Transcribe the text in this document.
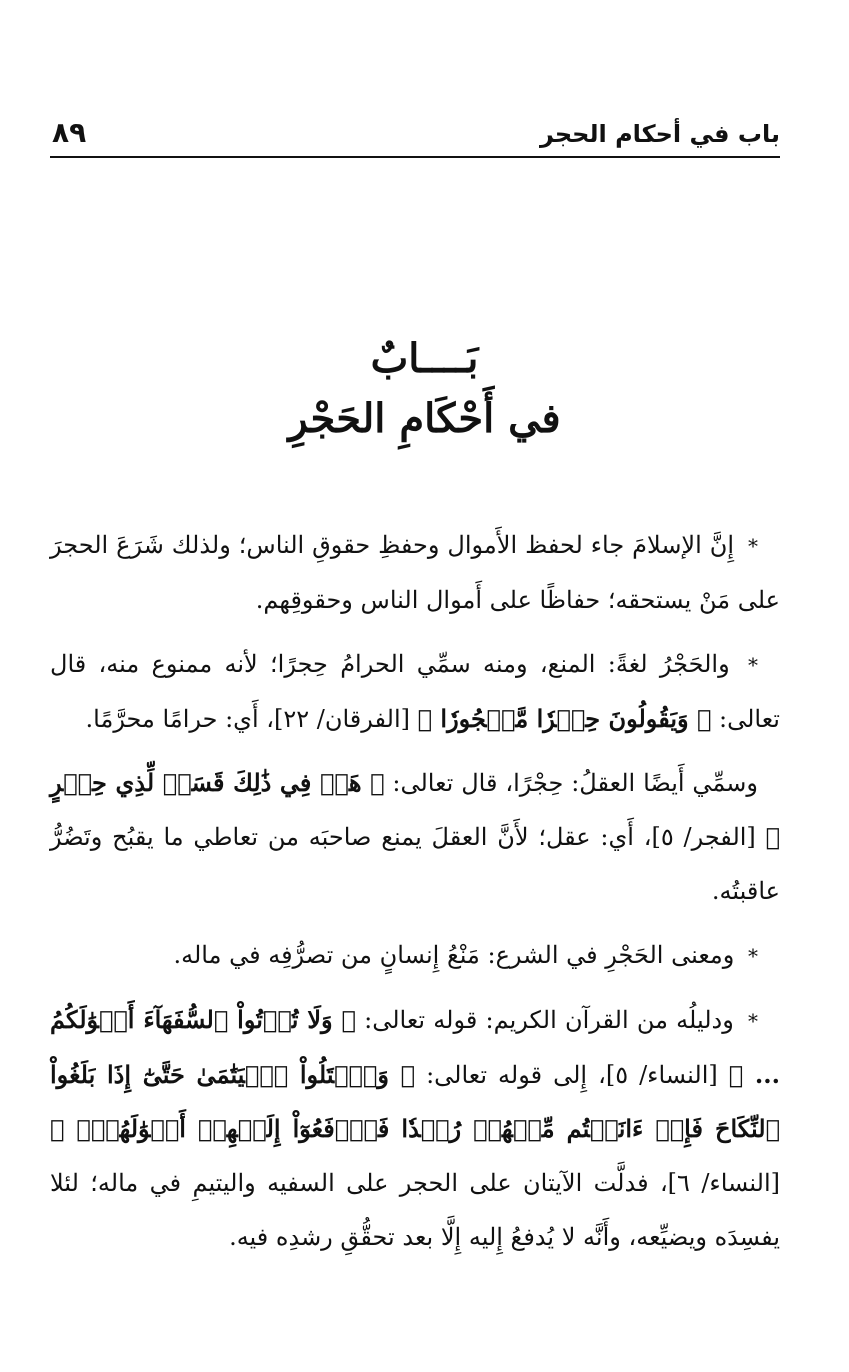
باب في أحكام الحجر
٨٩
بَــــابٌ
في أَحْكَامِ الحَجْرِ

* إِنَّ الإسلامَ جاء لحفظ الأَموال وحفظِ حقوقِ الناس؛ ولذلك شَرَعَ الحجرَ على مَنْ يستحقه؛ حفاظًا على أَموال الناس وحقوقِهم.

* والحَجْرُ لغةً: المنع، ومنه سمِّي الحرامُ حِجرًا؛ لأنه ممنوع منه، قال تعالى: ﴿ وَيَقُولُونَ حِجۡرٗا مَّحۡجُورٗا ﴾ [الفرقان/ ٢٢]، أَي: حرامًا محرَّمًا.

وسمِّي أَيضًا العقلُ: حِجْرًا، قال تعالى: ﴿ هَلۡ فِي ذَٰلِكَ قَسَمٞ لِّذِي حِجۡرٍ ﴾ [الفجر/ ٥]، أَي: عقل؛ لأَنَّ العقلَ يمنع صاحبَه من تعاطي ما يقبُح وتَضُرُّ عاقبتُه.

* ومعنى الحَجْرِ في الشرع: مَنْعُ إِنسانٍ من تصرُّفِه في ماله.

* ودليلُه من القرآن الكريم: قوله تعالى: ﴿ وَلَا تُؤۡتُواْ ٱلسُّفَهَآءَ أَمۡوَٰلَكُمُ ... ﴾ [النساء/ ٥]، إِلى قوله تعالى: ﴿ وَٱبۡتَلُواْ ٱلۡيَتَٰمَىٰ حَتَّىٰٓ إِذَا بَلَغُواْ ٱلنِّكَاحَ فَإِنۡ ءَانَسۡتُم مِّنۡهُمۡ رُشۡدٗا فَٱدۡفَعُوٓاْ إِلَيۡهِمۡ أَمۡوَٰلَهُمۡۖ ﴾ [النساء/ ٦]، فدلَّت الآيتان على الحجر على السفيه واليتيمِ في ماله؛ لئلا يفسِدَه ويضيِّعه، وأَنَّه لا يُدفعُ إِليه إِلَّا بعد تحقُّقِ رشدِه فيه.
